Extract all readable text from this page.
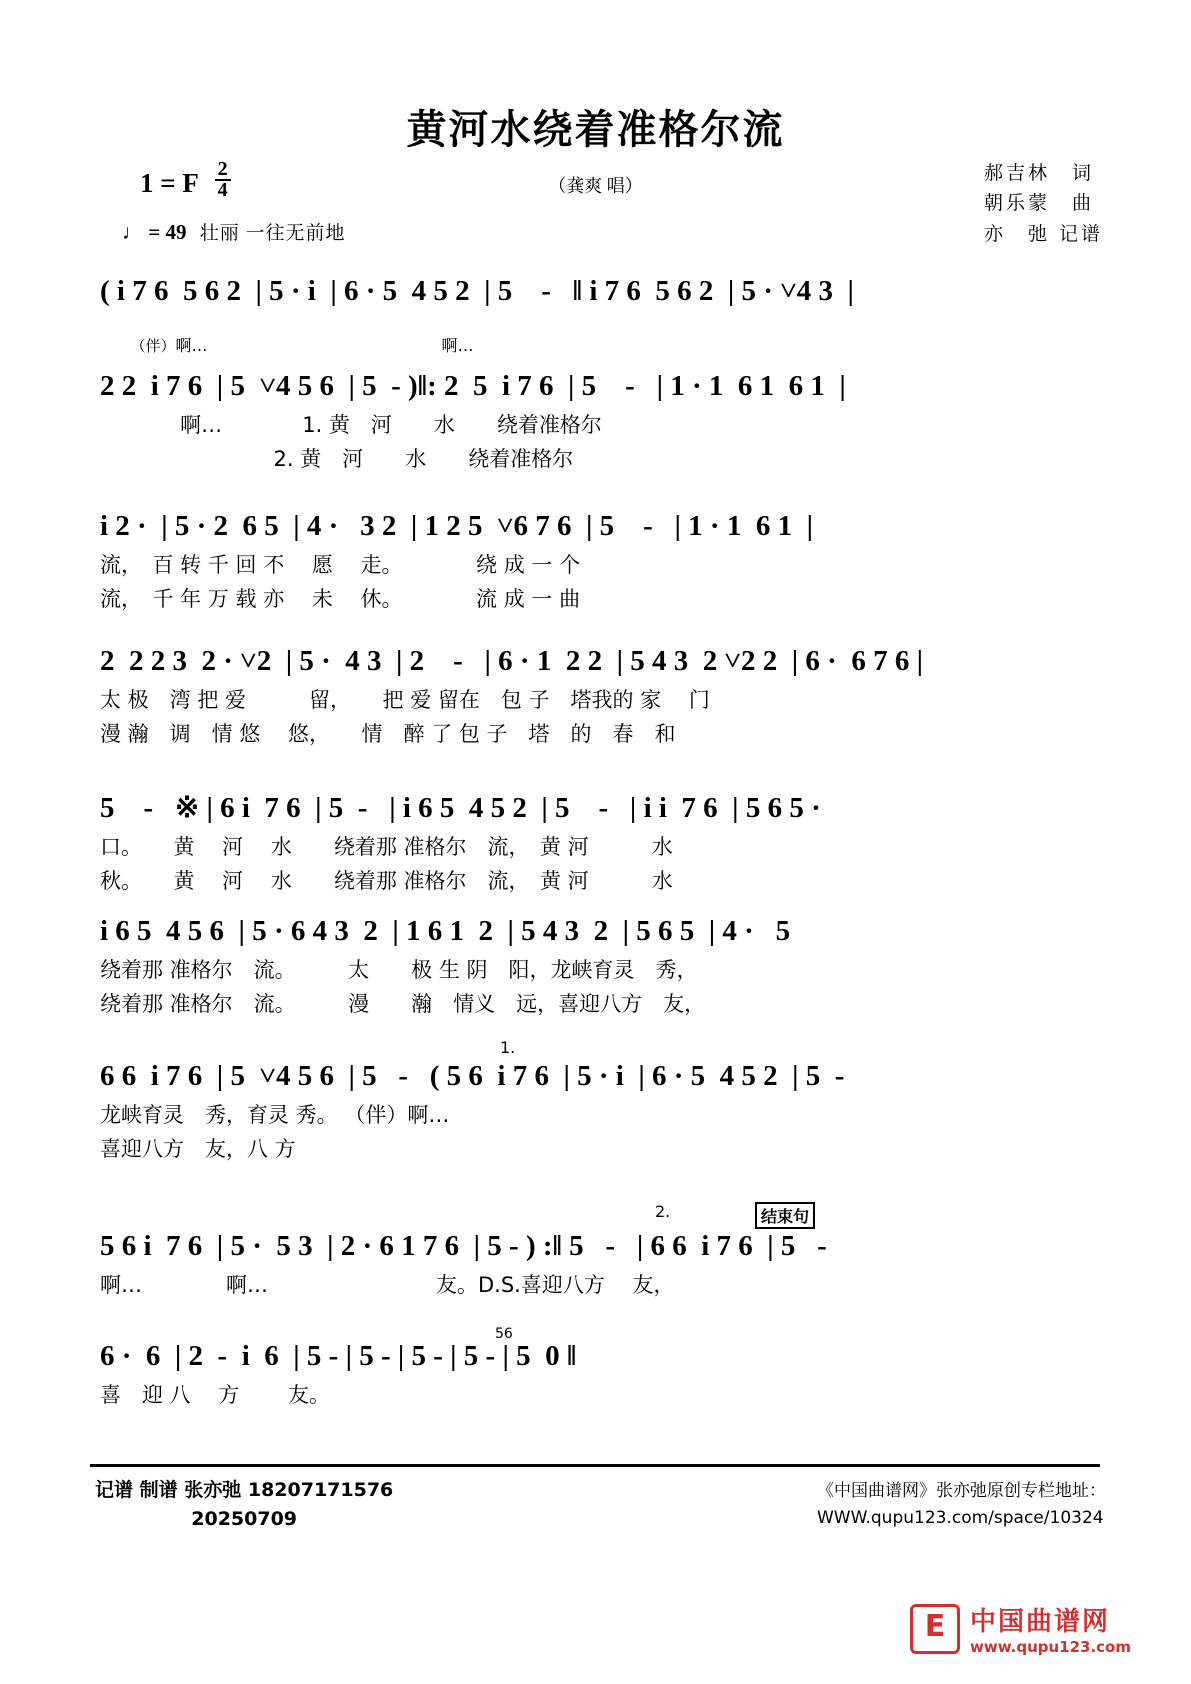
黄河水绕着准格尔流
（龚爽 唱）
1 = F $\frac{2}{4}$
♩ = 49 壮丽 一往无前地
郝吉林　词
朝乐蒙　曲
亦　弛 记谱
( i 7 6  5 6 2  | 5 · i  | 6 · 5  4 5 2  | 5    -   ‖ i 7 6  5 6 2  | 5 · ˅4 3  |

（伴）啊…                                              啊…

2 2  i 7 6  | 5  ˅4 5 6  | 5  - )‖: 2  5  i 7 6  | 5    -   | 1 · 1  6 1  6 1  |
啊…            1. 黄　河　　水　　绕着准格尔
2. 黄　河　　水　　绕着准格尔
i 2 ·  | 5 · 2  6 5  | 4 ·   3 2  | 1 2 5  ˅6 7 6  | 5    -   | 1 · 1  6 1  |
流，　百 转 千 回 不　 愿　 走。　　　　绕 成 一 个
流，　千 年 万 载 亦　 未　 休。　　　　流 成 一 曲
2  2 2 3  2 · ˅2  | 5 ·  4 3  | 2    -   | 6 · 1  2 2  | 5 4 3  2 ˅2 2  | 6 ·  6 7 6 |
太 极　湾 把 爱　　　留，　　把 爱 留在　包 子　塔我的 家　 门
漫 瀚　调　情 悠　 悠，　　情　醉 了 包 子　塔　的　春　和
5    -   ※ | 6 i  7 6  | 5  -   | i 6 5  4 5 2  | 5    -   | i i  7 6  | 5 6 5 ·
口。　　黄　 河　 水　　绕着那 准格尔　流，　黄 河　　　水
秋。　　黄　 河　 水　　绕着那 准格尔　流，　黄 河　　　水
i 6 5  4 5 6  | 5 · 6 4 3  2  | 1 6 1  2  | 5 4 3  2  | 5 6 5  | 4 ·   5
绕着那 准格尔　流。　　　太　　极 生 阴　阳，龙峡育灵　秀，
绕着那 准格尔　流。　　　漫　　瀚　情义　远，喜迎八方　友，
1.
6 6  i 7 6  | 5  ˅4 5 6  | 5   -   ( 5 6  i 7 6  | 5 · i  | 6 · 5  4 5 2  | 5  -
龙峡育灵　秀，育灵 秀。 （伴）啊…
喜迎八方　友，八 方
2.	结束句
5 6 i  7 6  | 5 ·  5 3  | 2 · 6 1 7 6  | 5 - ) :‖ 5   -   | 6 6  i 7 6  | 5   -
啊…　　　　啊…　　　　　　　　友。D.S.喜迎八方　 友，
56
6 ·  6  | 2  -  i  6  | 5 - | 5 - | 5 - | 5 - | 5  0 ‖
喜　迎 八　 方　　 友。
记谱 制谱 张亦弛 18207171576
20250709
《中国曲谱网》张亦弛原创专栏地址：
WWW.qupu123.com/space/10324
E 中国曲谱网
www.qupu123.com
